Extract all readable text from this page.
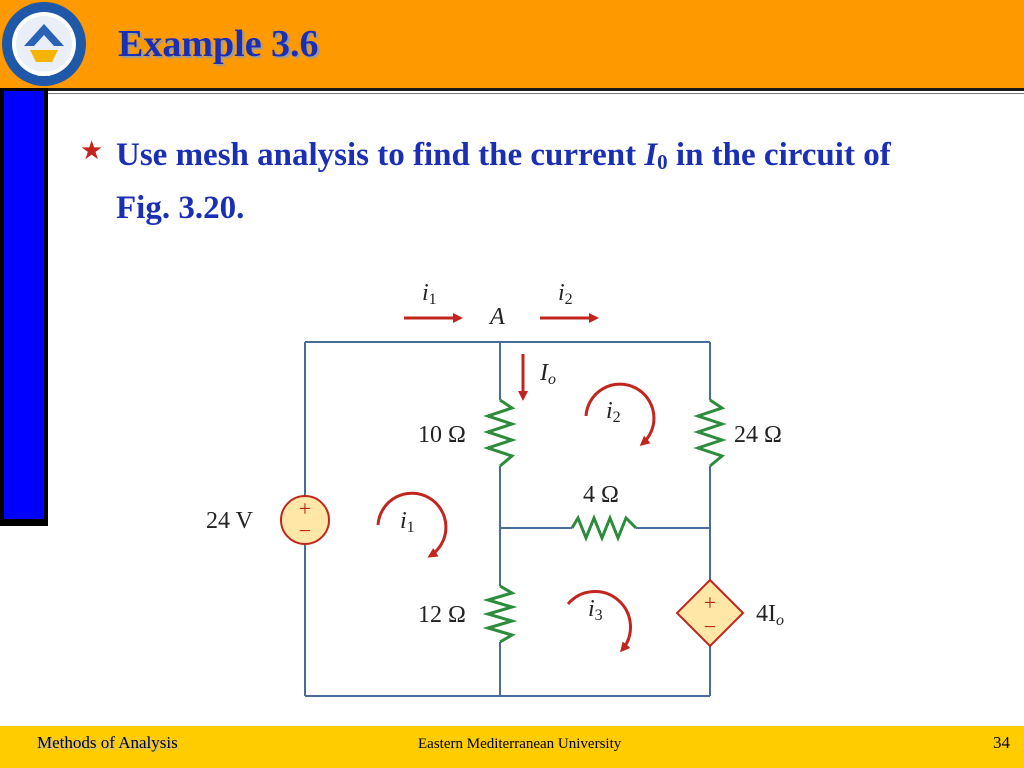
1979
Example 3.6
★ Use mesh analysis to find the current $I_0$ in the circuit of Fig. 3.20.

+
−
+
−
i1	i2
A
Io
10 Ω	24 Ω
4 Ω
12 Ω
24 V
4Io
i1
i2
i3
Methods of Analysis	Eastern Mediterranean University	34
